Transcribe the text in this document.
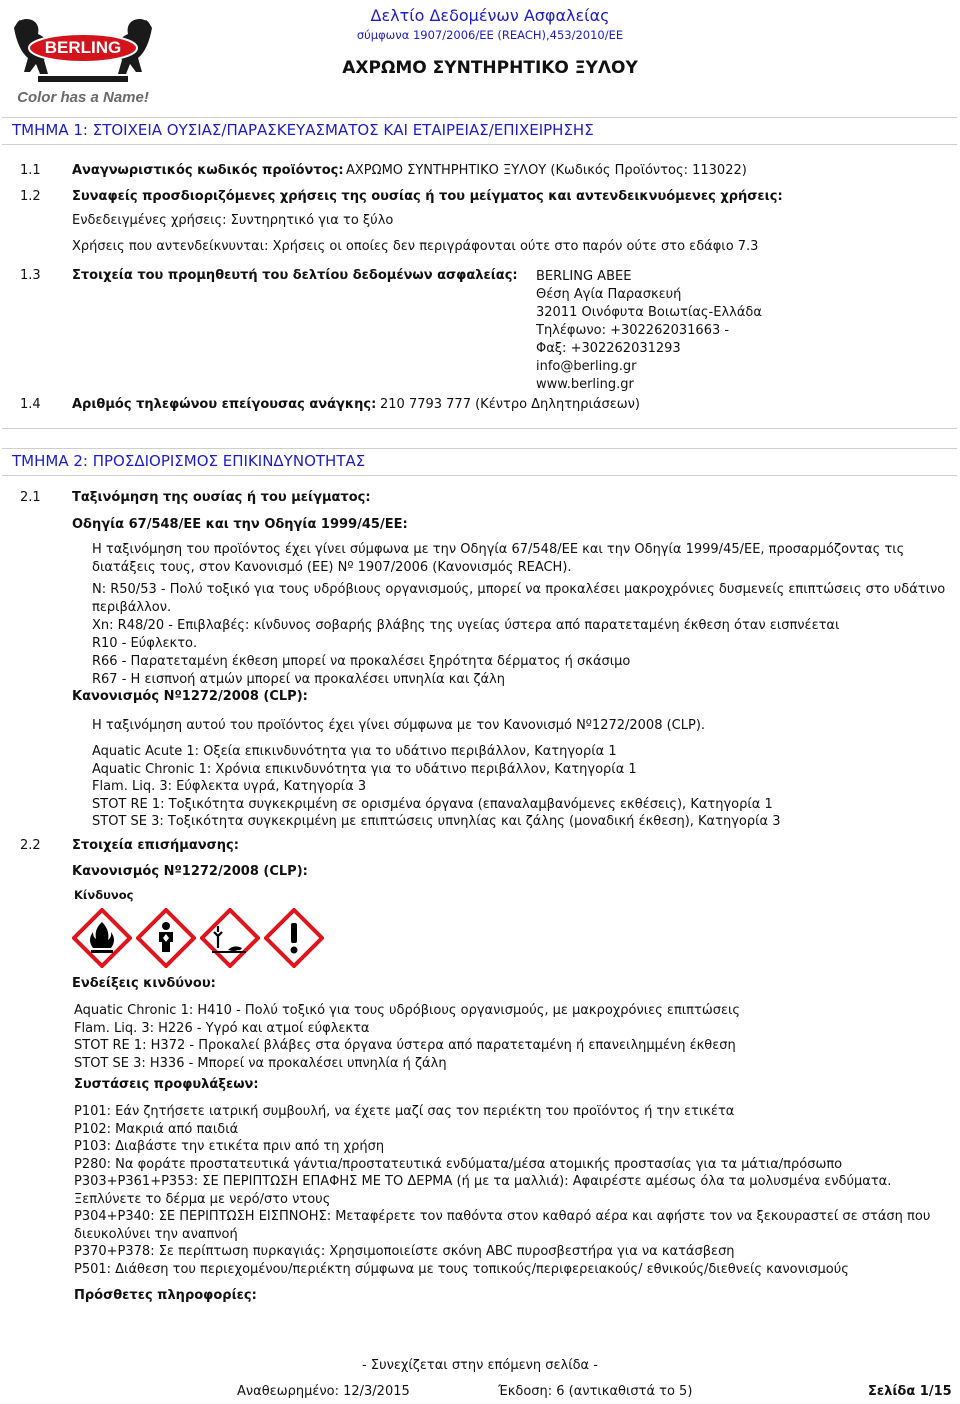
BERLING
Color has a Name!
Δελτίο Δεδομένων Ασφαλείας
σύμφωνα 1907/2006/ΕΕ (REACH),453/2010/ΕΕ
ΑΧΡΩΜΟ ΣΥΝΤΗΡΗΤΙΚΟ ΞΥΛΟΥ
ΤΜΗΜΑ 1: ΣΤΟΙΧΕΙΑ ΟΥΣΙΑΣ/ΠΑΡΑΣΚΕΥΑΣΜΑΤΟΣ ΚΑΙ ΕΤΑΙΡΕΙΑΣ/ΕΠΙΧΕΙΡΗΣΗΣ
1.1 Αναγνωριστικός κωδικός προϊόντος: ΑΧΡΩΜΟ ΣΥΝΤΗΡΗΤΙΚΟ ΞΥΛΟΥ (Κωδικός Προϊόντος: 113022)
1.2 Συναφείς προσδιοριζόμενες χρήσεις της ουσίας ή του μείγματος και αντενδεικνυόμενες χρήσεις:
Ενδεδειγμένες χρήσεις: Συντηρητικό για το ξύλο
Χρήσεις που αντενδείκνυνται: Χρήσεις οι οποίες δεν περιγράφονται ούτε στο παρόν ούτε στο εδάφιο 7.3
1.3 Στοιχεία του προμηθευτή του δελτίου δεδομένων ασφαλείας: BERLING ABEE
Θέση Αγία Παρασκευή
32011 Οινόφυτα Βοιωτίας-Ελλάδα
Τηλέφωνο: +302262031663 -
Φαξ: +302262031293
info@berling.gr
www.berling.gr
1.4 Αριθμός τηλεφώνου επείγουσας ανάγκης: 210 7793 777 (Κέντρο Δηλητηριάσεων)
ΤΜΗΜΑ 2: ΠΡΟΣΔΙΟΡΙΣΜΟΣ ΕΠΙΚΙΝΔΥΝΟΤΗΤΑΣ
2.1 Ταξινόμηση της ουσίας ή του μείγματος:
Οδηγία 67/548/ΕΕ και την Οδηγία 1999/45/ΕΕ:
Η ταξινόμηση του προϊόντος έχει γίνει σύμφωνα με την Οδηγία 67/548/ΕΕ και την Οδηγία 1999/45/ΕΕ, προσαρμόζοντας τις
διατάξεις τους, στον Κανονισμό (ΕΕ) Nº 1907/2006 (Κανονισμός REACH).
N: R50/53 - Πολύ τοξικό για τους υδρόβιους οργανισμούς, μπορεί να προκαλέσει μακροχρόνιες δυσμενείς επιπτώσεις στο υδάτινο
περιβάλλον.
Xn: R48/20 - Επιβλαβές: κίνδυνος σοβαρής βλάβης της υγείας ύστερα από παρατεταμένη έκθεση όταν εισπνέεται
R10 - Εύφλεκτο.
R66 - Παρατεταμένη έκθεση μπορεί να προκαλέσει ξηρότητα δέρματος ή σκάσιμο
R67 - Η εισπνοή ατμών μπορεί να προκαλέσει υπνηλία και ζάλη
Κανονισμός Nº1272/2008 (CLP):
Η ταξινόμηση αυτού του προϊόντος έχει γίνει σύμφωνα με τον Κανονισμό Nº1272/2008 (CLP).
Aquatic Acute 1: Οξεία επικινδυνότητα για το υδάτινο περιβάλλον, Κατηγορία 1
Aquatic Chronic 1: Χρόνια επικινδυνότητα για το υδάτινο περιβάλλον, Κατηγορία 1
Flam. Liq. 3: Εύφλεκτα υγρά, Κατηγορία 3
STOT RE 1: Τοξικότητα συγκεκριμένη σε ορισμένα όργανα (επαναλαμβανόμενες εκθέσεις), Κατηγορία 1
STOT SE 3: Τοξικότητα συγκεκριμένη με επιπτώσεις υπνηλίας και ζάλης (μοναδική έκθεση), Κατηγορία 3
2.2 Στοιχεία επισήμανσης:
Κανονισμός Nº1272/2008 (CLP):
Κίνδυνος
Ενδείξεις κινδύνου:
Aquatic Chronic 1: H410 - Πολύ τοξικό για τους υδρόβιους οργανισμούς, με μακροχρόνιες επιπτώσεις
Flam. Liq. 3: H226 - Υγρό και ατμοί εύφλεκτα
STOT RE 1: H372 - Προκαλεί βλάβες στα όργανα ύστερα από παρατεταμένη ή επανειλημμένη έκθεση
STOT SE 3: H336 - Μπορεί να προκαλέσει υπνηλία ή ζάλη
Συστάσεις προφυλάξεων:
P101: Εάν ζητήσετε ιατρική συμβουλή, να έχετε μαζί σας τον περιέκτη του προϊόντος ή την ετικέτα
P102: Μακριά από παιδιά
P103: Διαβάστε την ετικέτα πριν από τη χρήση
P280: Να φοράτε προστατευτικά γάντια/προστατευτικά ενδύματα/μέσα ατομικής προστασίας για τα μάτια/πρόσωπο
P303+P361+P353: ΣΕ ΠΕΡΙΠΤΩΣΗ ΕΠΑΦΗΣ ΜΕ ΤΟ ΔΕΡΜΑ (ή με τα μαλλιά): Αφαιρέστε αμέσως όλα τα μολυσμένα ενδύματα.
Ξεπλύνετε το δέρμα με νερό/στο ντους
P304+P340: ΣΕ ΠΕΡΙΠΤΩΣΗ ΕΙΣΠΝΟΗΣ: Μεταφέρετε τον παθόντα στον καθαρό αέρα και αφήστε τον να ξεκουραστεί σε στάση που
διευκολύνει την αναπνοή
P370+P378: Σε περίπτωση πυρκαγιάς: Χρησιμοποιείστε σκόνη ABC πυροσβεστήρα για να κατάσβεση
P501: Διάθεση του περιεχομένου/περιέκτη σύμφωνα με τους τοπικούς/περιφερειακούς/ εθνικούς/διεθνείς κανονισμούς
Πρόσθετες πληροφορίες:
- Συνεχίζεται στην επόμενη σελίδα -
Αναθεωρημένο: 12/3/2015	Έκδοση: 6 (αντικαθιστά το 5)	Σελίδα 1/15
